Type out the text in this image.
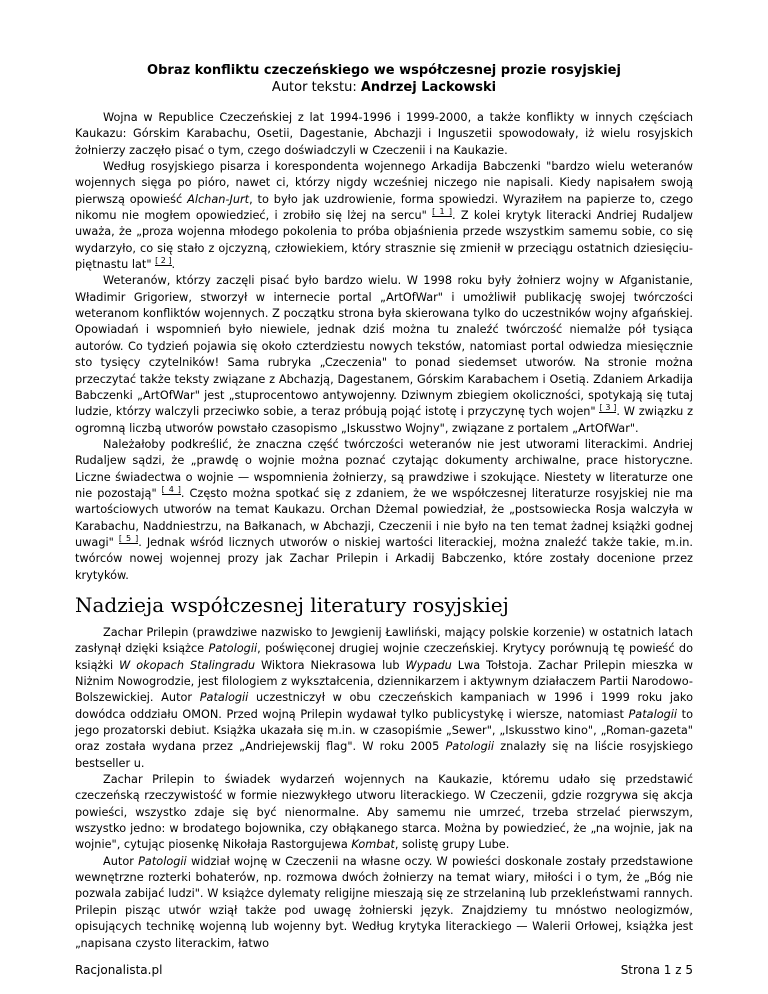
Obraz konfliktu czeczeńskiego we współczesnej prozie rosyjskiej

Autor tekstu: Andrzej Lackowski

Wojna w Republice Czeczeńskiej z lat 1994-1996 i 1999-2000, a także konflikty w innych częściach Kaukazu: Górskim Karabachu, Osetii, Dagestanie, Abchazji i Inguszetii spowodowały, iż wielu rosyjskich żołnierzy zaczęło pisać o tym, czego doświadczyli w Czeczenii i na Kaukazie.

Według rosyjskiego pisarza i korespondenta wojennego Arkadija Babczenki "bardzo wielu weteranów wojennych sięga po pióro, nawet ci, którzy nigdy wcześniej niczego nie napisali. Kiedy napisałem swoją pierwszą opowieść Alchan-Jurt, to było jak uzdrowienie, forma spowiedzi. Wyraziłem na papierze to, czego nikomu nie mogłem opowiedzieć, i zrobiło się lżej na sercu" [ 1 ]. Z kolei krytyk literacki Andriej Rudaljew uważa, że „proza wojenna młodego pokolenia to próba objaśnienia przede wszystkim samemu sobie, co się wydarzyło, co się stało z ojczyzną, człowiekiem, który strasznie się zmienił w przeciągu ostatnich dziesięciu-piętnastu lat" [ 2 ].

Weteranów, którzy zaczęli pisać było bardzo wielu. W 1998 roku były żołnierz wojny w Afganistanie, Władimir Grigoriew, stworzył w internecie portal „ArtOfWar" i umożliwił publikację swojej twórczości weteranom konfliktów wojennych. Z początku strona była skierowana tylko do uczestników wojny afgańskiej. Opowiadań i wspomnień było niewiele, jednak dziś można tu znaleźć twórczość niemalże pół tysiąca autorów. Co tydzień pojawia się około czterdziestu nowych tekstów, natomiast portal odwiedza miesięcznie sto tysięcy czytelników! Sama rubryka „Czeczenia" to ponad siedemset utworów. Na stronie można przeczytać także teksty związane z Abchazją, Dagestanem, Górskim Karabachem i Osetią. Zdaniem Arkadija Babczenki „ArtOfWar" jest „stuprocentowo antywojenny. Dziwnym zbiegiem okoliczności, spotykają się tutaj ludzie, którzy walczyli przeciwko sobie, a teraz próbują pojąć istotę i przyczynę tych wojen" [ 3 ]. W związku z ogromną liczbą utworów powstało czasopismo „Iskusstwo Wojny", związane z portalem „ArtOfWar".

Należałoby podkreślić, że znaczna część twórczości weteranów nie jest utworami literackimi. Andriej Rudaljew sądzi, że „prawdę o wojnie można poznać czytając dokumenty archiwalne, prace historyczne. Liczne świadectwa o wojnie — wspomnienia żołnierzy, są prawdziwe i szokujące. Niestety w literaturze one nie pozostają" [ 4 ]. Często można spotkać się z zdaniem, że we współczesnej literaturze rosyjskiej nie ma wartościowych utworów na temat Kaukazu. Orchan Dżemal powiedział, że „postsowiecka Rosja walczyła w Karabachu, Naddniestrzu, na Bałkanach, w Abchazji, Czeczenii i nie było na ten temat żadnej książki godnej uwagi" [ 5 ]. Jednak wśród licznych utworów o niskiej wartości literackiej, można znaleźć także takie, m.in. twórców nowej wojennej prozy jak Zachar Prilepin i Arkadij Babczenko, które zostały docenione przez krytyków.

Nadzieja współczesnej literatury rosyjskiej

Zachar Prilepin (prawdziwe nazwisko to Jewgienij Ławliński, mający polskie korzenie) w ostatnich latach zasłynął dzięki książce Patologii, poświęconej drugiej wojnie czeczeńskiej. Krytycy porównują tę powieść do książki W okopach Stalingradu Wiktora Niekrasowa lub Wypadu Lwa Tołstoja. Zachar Prilepin mieszka w Niżnim Nowogrodzie, jest filologiem z wykształcenia, dziennikarzem i aktywnym działaczem Partii Narodowo-Bolszewickiej. Autor Patalogii uczestniczył w obu czeczeńskich kampaniach w 1996 i 1999 roku jako dowódca oddziału OMON. Przed wojną Prilepin wydawał tylko publicystykę i wiersze, natomiast Patalogii to jego prozatorski debiut. Książka ukazała się m.in. w czasopiśmie „Sewer", „Iskusstwo kino", „Roman-gazeta" oraz została wydana przez „Andriejewskij flag". W roku 2005 Patologii znalazły się na liście rosyjskiego bestseller u.

Zachar Prilepin to świadek wydarzeń wojennych na Kaukazie, któremu udało się przedstawić czeczeńską rzeczywistość w formie niezwykłego utworu literackiego. W Czeczenii, gdzie rozgrywa się akcja powieści, wszystko zdaje się być nienormalne. Aby samemu nie umrzeć, trzeba strzelać pierwszym, wszystko jedno: w brodatego bojownika, czy obłąkanego starca. Można by powiedzieć, że „na wojnie, jak na wojnie", cytując piosenkę Nikołaja Rastorgujewa Kombat, solistę grupy Lube.

Autor Patologii widział wojnę w Czeczenii na własne oczy. W powieści doskonale zostały przedstawione wewnętrzne rozterki bohaterów, np. rozmowa dwóch żołnierzy na temat wiary, miłości i o tym, że „Bóg nie pozwala zabijać ludzi". W książce dylematy religijne mieszają się ze strzelaniną lub przekleństwami rannych. Prilepin pisząc utwór wziął także pod uwagę żołnierski język. Znajdziemy tu mnóstwo neologizmów, opisujących technikę wojenną lub wojenny byt. Według krytyka literackiego — Walerii Orłowej, książka jest „napisana czysto literackim, łatwo

Racjonalista.pl	Strona 1 z 5
